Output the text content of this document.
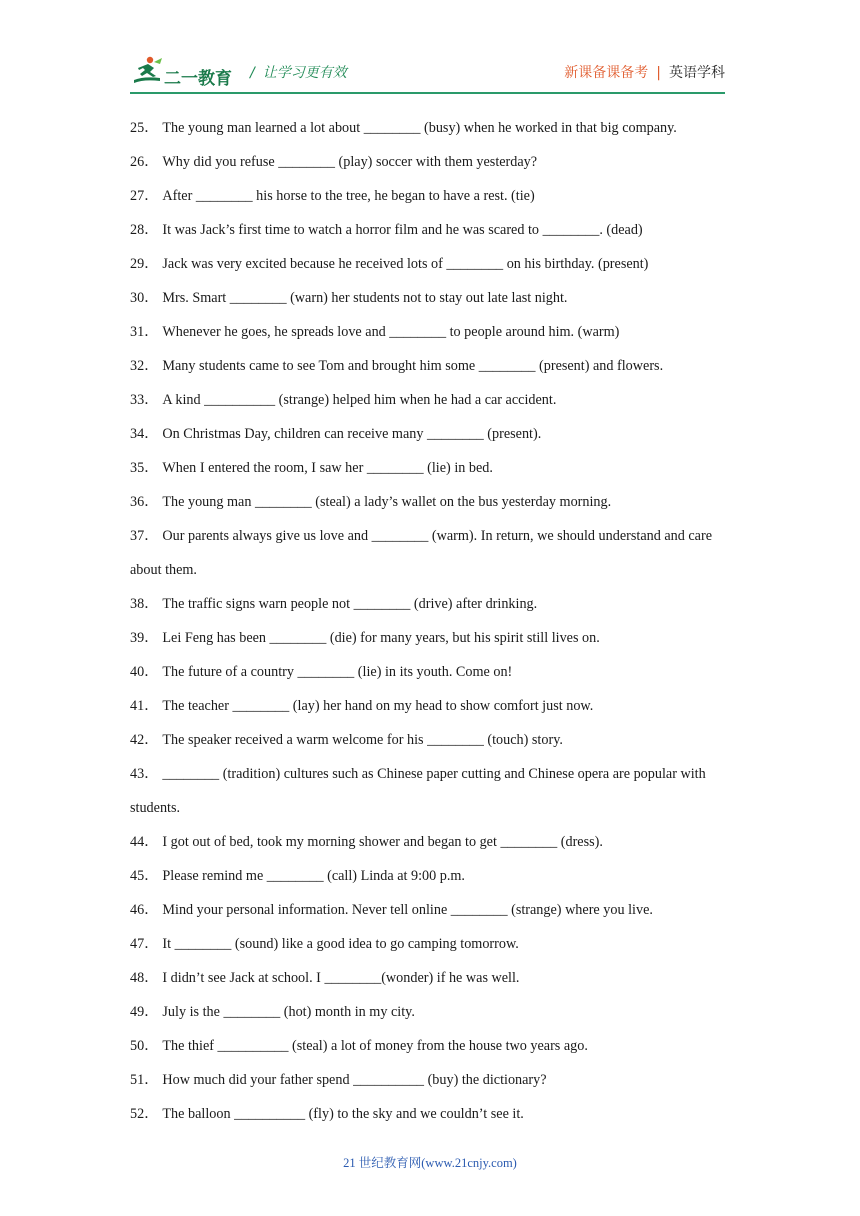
二一教育 / 让学习更有效	新课备课备考 | 英语学科

25． The young man learned a lot about ________ (busy) when he worked in that big company.

26． Why did you refuse ________ (play) soccer with them yesterday?

27． After ________ his horse to the tree, he began to have a rest. (tie)

28． It was Jack’s first time to watch a horror film and he was scared to ________. (dead)

29． Jack was very excited because he received lots of ________ on his birthday. (present)

30． Mrs. Smart ________ (warn) her students not to stay out late last night.

31． Whenever he goes, he spreads love and ________ to people around him. (warm)

32． Many students came to see Tom and brought him some ________ (present) and flowers.

33． A kind __________ (strange) helped him when he had a car accident.

34． On Christmas Day, children can receive many ________ (present).

35． When I entered the room, I saw her ________ (lie) in bed.

36． The young man ________ (steal) a lady’s wallet on the bus yesterday morning.

37． Our parents always give us love and ________ (warm). In return, we should understand and care about them.

38． The traffic signs warn people not ________ (drive) after drinking.

39． Lei Feng has been ________ (die) for many years, but his spirit still lives on.

40． The future of a country ________ (lie) in its youth. Come on!

41． The teacher ________ (lay) her hand on my head to show comfort just now.

42． The speaker received a warm welcome for his ________ (touch) story.

43． ________ (tradition) cultures such as Chinese paper cutting and Chinese opera are popular with students.

44． I got out of bed, took my morning shower and began to get ________ (dress).

45． Please remind me ________ (call) Linda at 9:00 p.m.

46． Mind your personal information. Never tell online ________ (strange) where you live.

47． It ________ (sound) like a good idea to go camping tomorrow.

48． I didn’t see Jack at school. I ________(wonder) if he was well.

49． July is the ________ (hot) month in my city.

50． The thief __________ (steal) a lot of money from the house two years ago.

51． How much did your father spend __________ (buy) the dictionary?

52． The balloon __________ (fly) to the sky and we couldn’t see it.

21 世纪教育网(www.21cnjy.com)
